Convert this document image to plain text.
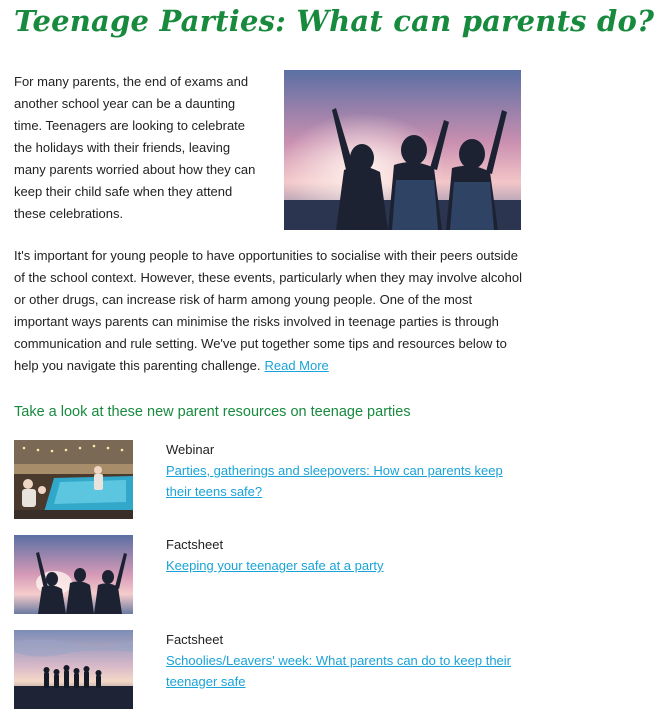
Teenage Parties: What can parents do?
For many parents, the end of exams and another school year can be a daunting time. Teenagers are looking to celebrate the holidays with their friends, leaving many parents worried about how they can keep their child safe when they attend these celebrations.
It's important for young people to have opportunities to socialise with their peers outside of the school context. However, these events, particularly when they may involve alcohol or other drugs, can increase risk of harm among young people. One of the most important ways parents can minimise the risks involved in teenage parties is through communication and rule setting. We've put together some tips and resources below to help you navigate this parenting challenge. Read More
Take a look at these new parent resources on teenage parties
Webinar
Parties, gatherings and sleepovers: How can parents keep their teens safe?
Factsheet
Keeping your teenager safe at a party
Factsheet
Schoolies/Leavers' week: What parents can do to keep their teenager safe
